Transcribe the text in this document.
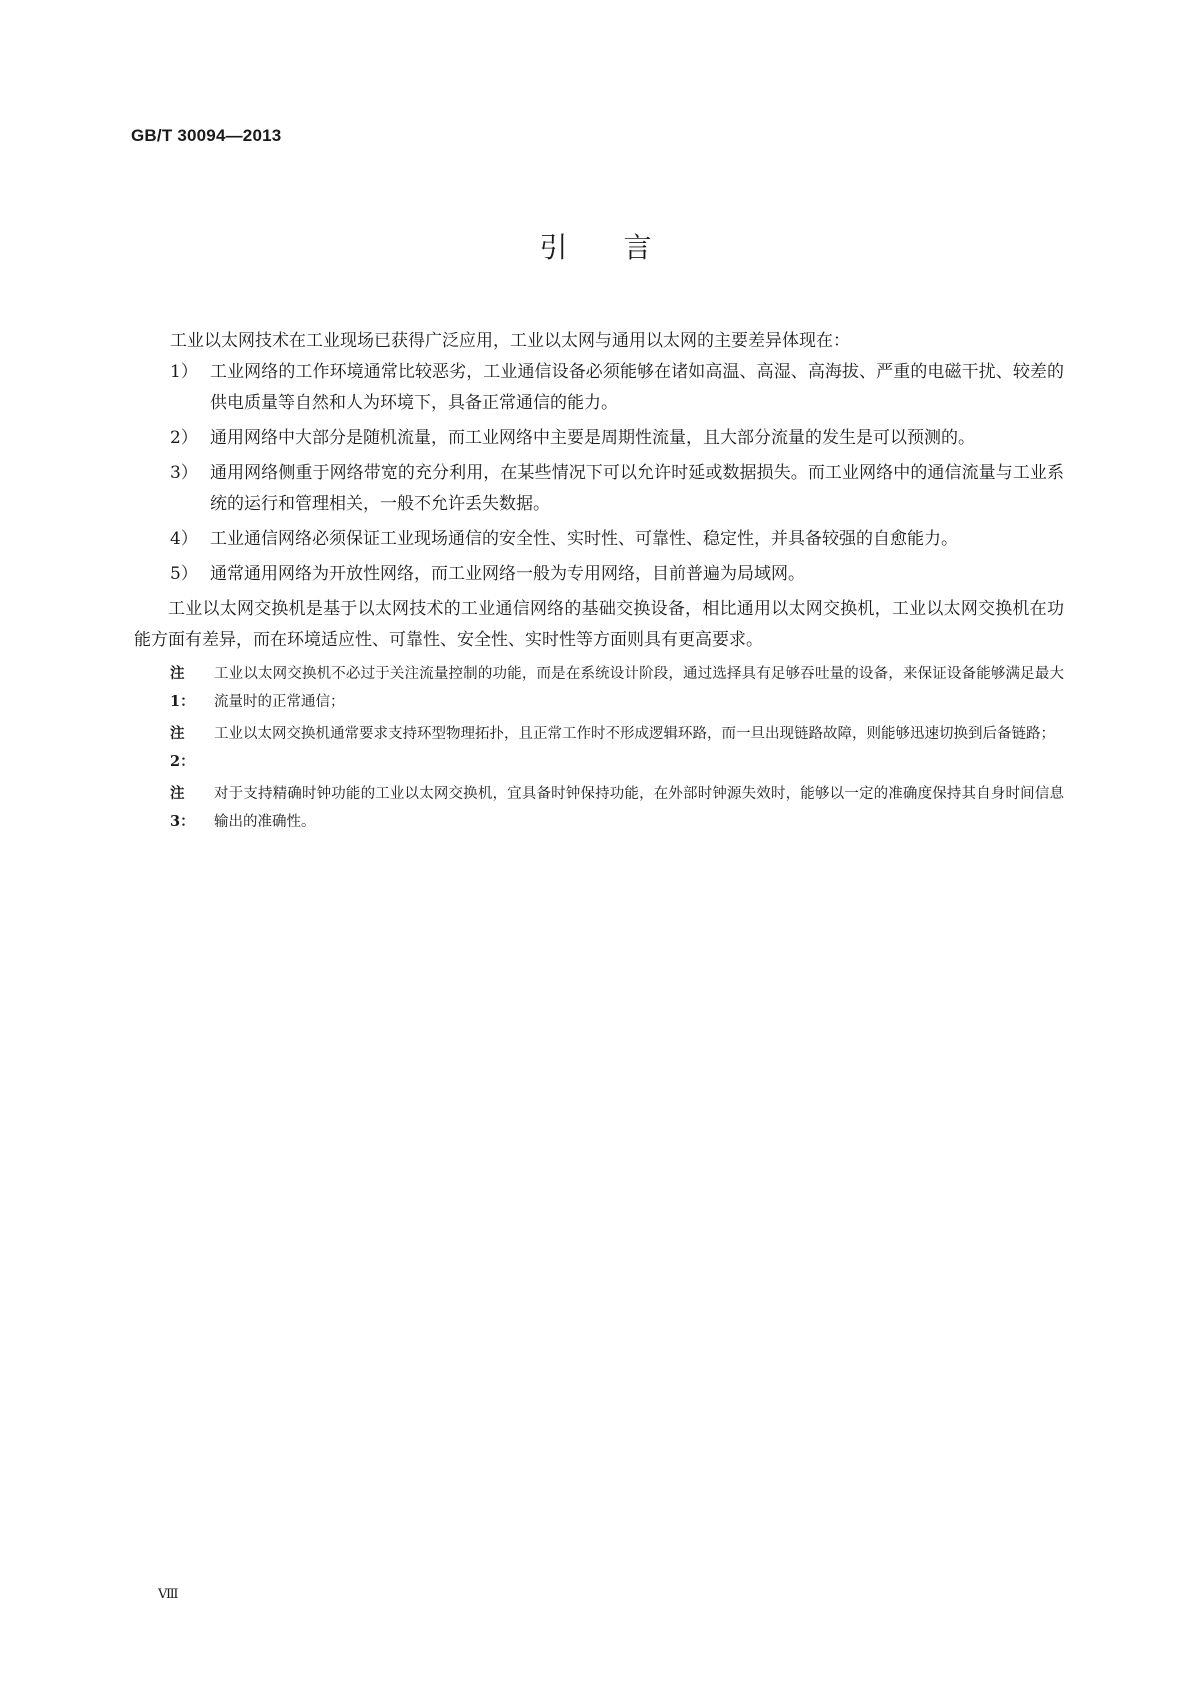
GB/T 30094—2013
引言

工业以太网技术在工业现场已获得广泛应用，工业以太网与通用以太网的主要差异体现在：

1） 工业网络的工作环境通常比较恶劣，工业通信设备必须能够在诸如高温、高湿、高海拔、严重的电磁干扰、较差的供电质量等自然和人为环境下，具备正常通信的能力。
2） 通用网络中大部分是随机流量，而工业网络中主要是周期性流量，且大部分流量的发生是可以预测的。
3） 通用网络侧重于网络带宽的充分利用，在某些情况下可以允许时延或数据损失。而工业网络中的通信流量与工业系统的运行和管理相关，一般不允许丢失数据。
4） 工业通信网络必须保证工业现场通信的安全性、实时性、可靠性、稳定性，并具备较强的自愈能力。
5） 通常通用网络为开放性网络，而工业网络一般为专用网络，目前普遍为局域网。

工业以太网交换机是基于以太网技术的工业通信网络的基础交换设备，相比通用以太网交换机，工业以太网交换机在功能方面有差异，而在环境适应性、可靠性、安全性、实时性等方面则具有更高要求。

注 1：
工业以太网交换机不必过于关注流量控制的功能，而是在系统设计阶段，通过选择具有足够吞吐量的设备，来保证设备能够满足最大流量时的正常通信；
注 2：
工业以太网交换机通常要求支持环型物理拓扑，且正常工作时不形成逻辑环路，而一旦出现链路故障，则能够迅速切换到后备链路；
注 3：
对于支持精确时钟功能的工业以太网交换机，宜具备时钟保持功能，在外部时钟源失效时，能够以一定的准确度保持其自身时间信息输出的准确性。
Ⅷ
